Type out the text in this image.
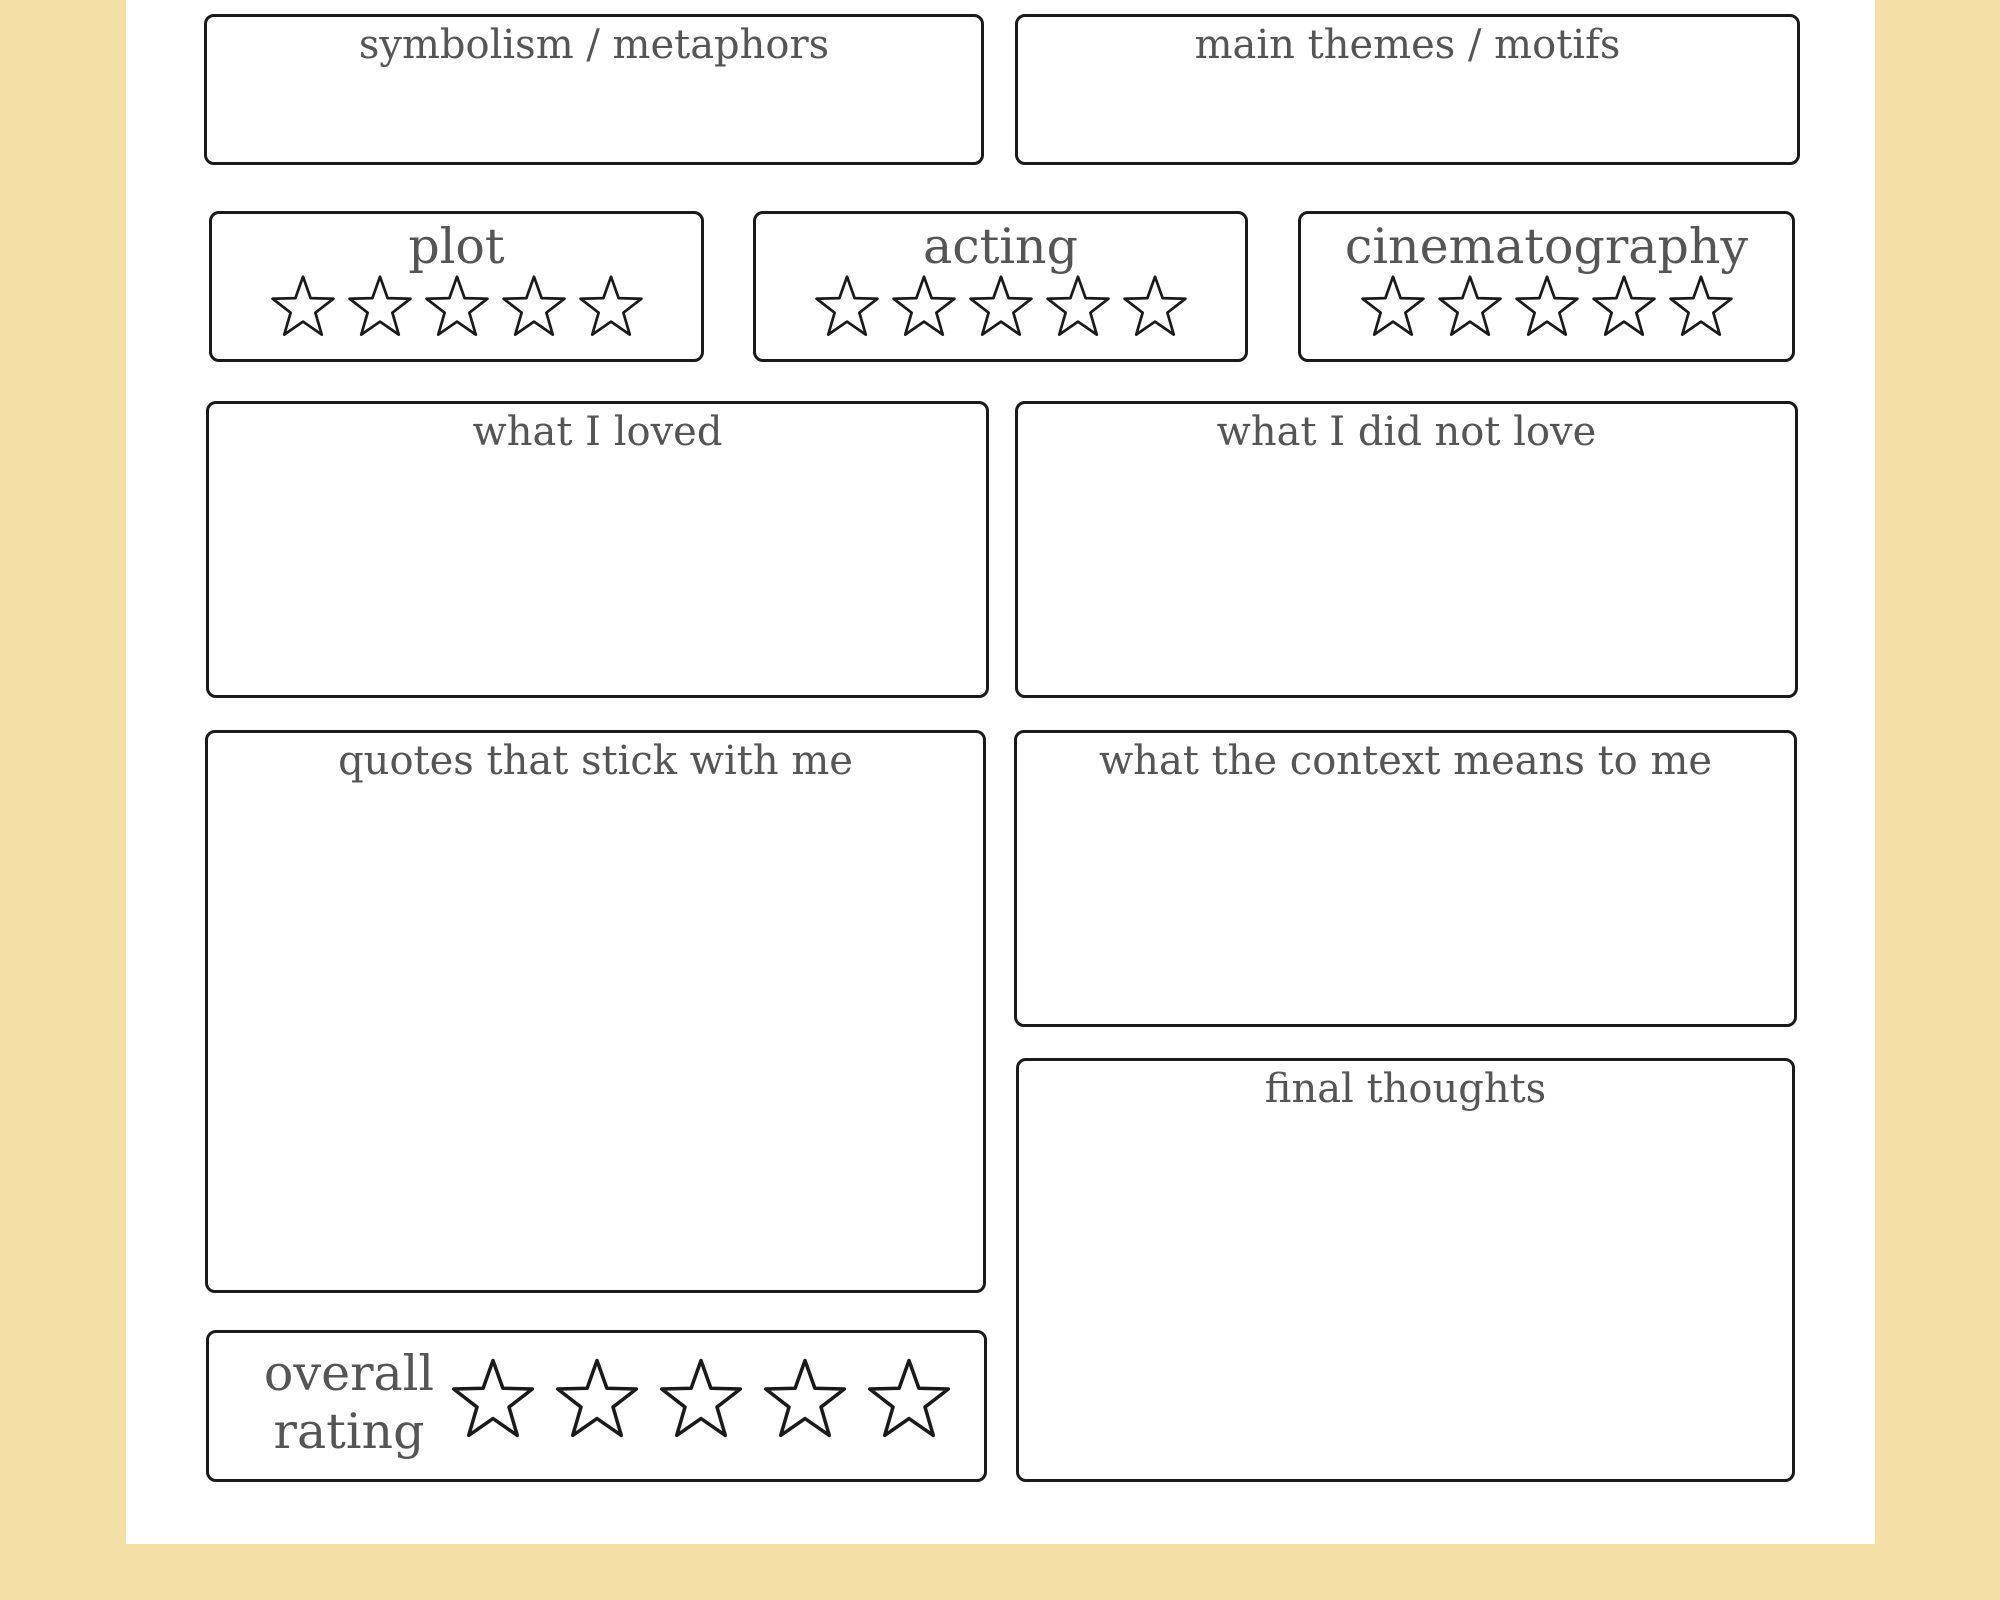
symbolism / metaphors	main themes / motifs
plot	acting	cinematography
what I loved	what I did not love
quotes that stick with me	what the context means to me
final thoughts
overall
rating
